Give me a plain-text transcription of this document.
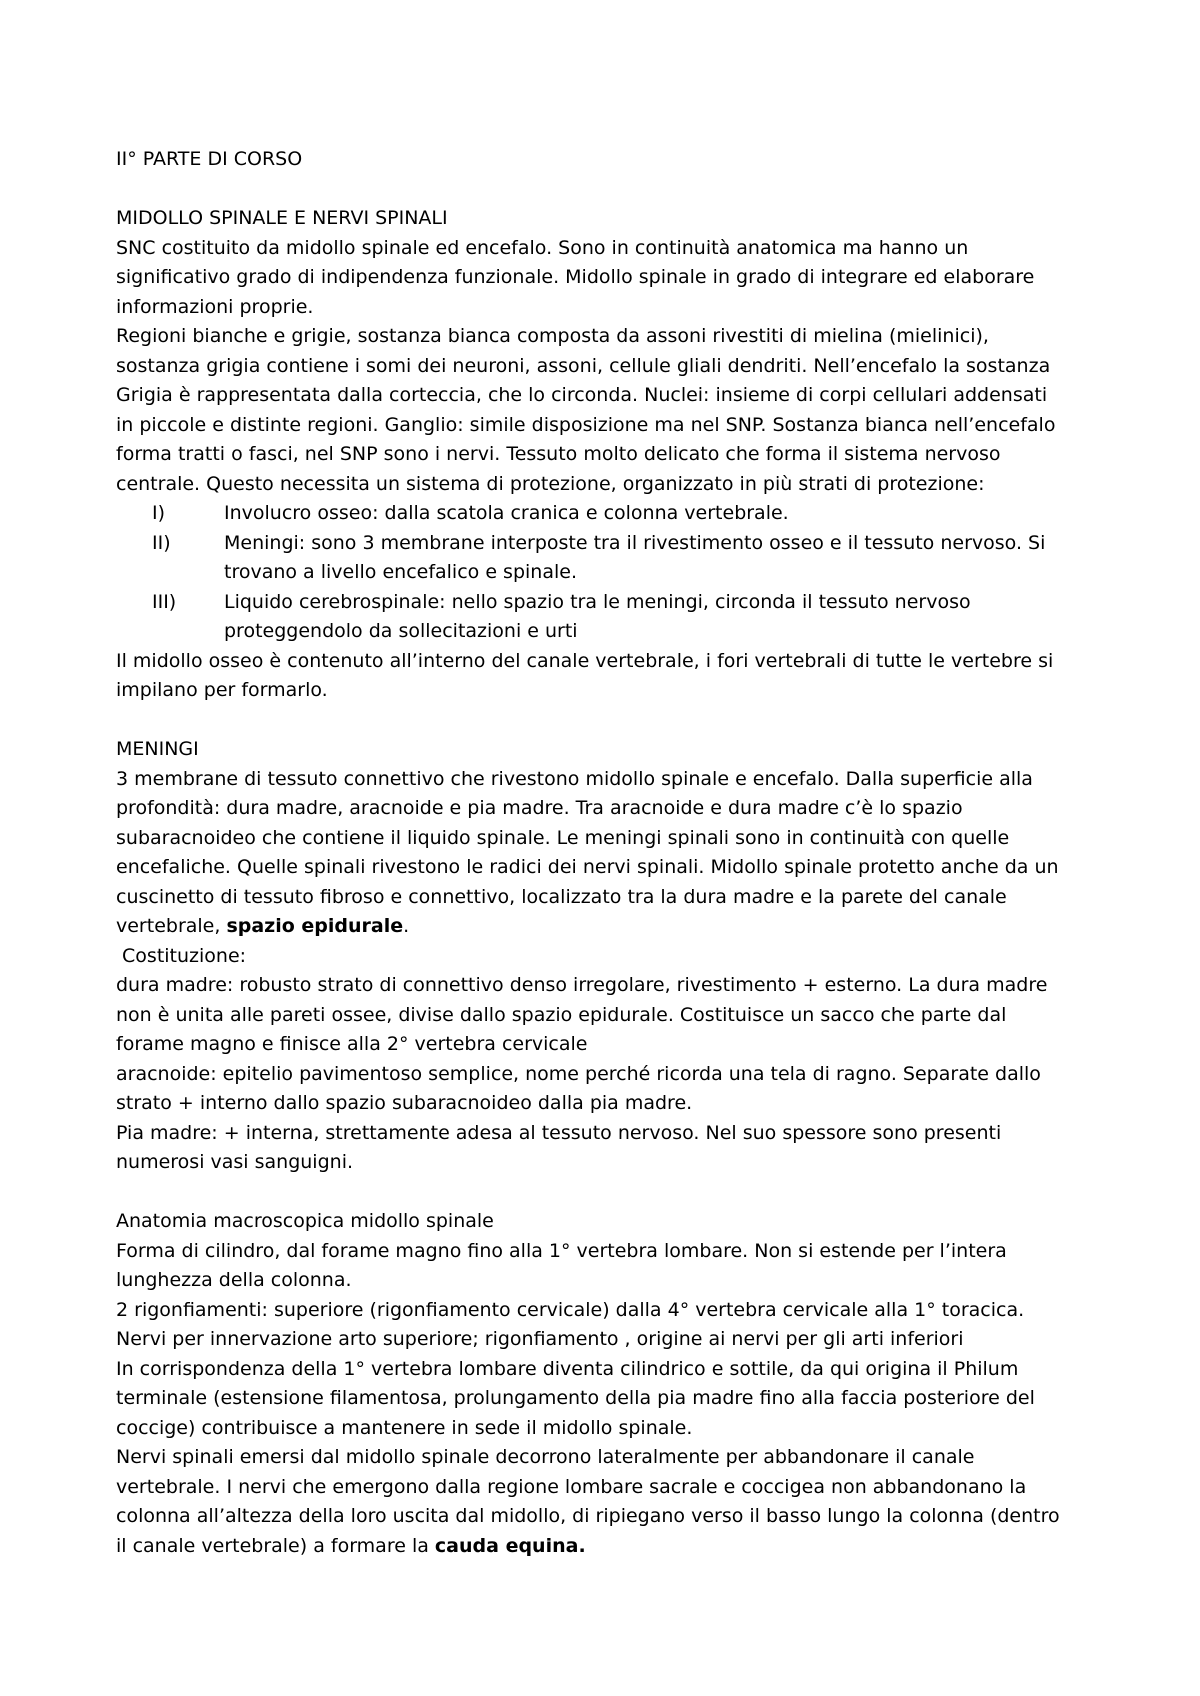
II° PARTE DI CORSO
MIDOLLO SPINALE E NERVI SPINALI
SNC costituito da midollo spinale ed encefalo. Sono in continuità anatomica ma hanno un
significativo grado di indipendenza funzionale. Midollo spinale in grado di integrare ed elaborare
informazioni proprie.
Regioni bianche e grigie, sostanza bianca composta da assoni rivestiti di mielina (mielinici),
sostanza grigia contiene i somi dei neuroni, assoni, cellule gliali dendriti. Nell’encefalo la sostanza
Grigia è rappresentata dalla corteccia, che lo circonda. Nuclei: insieme di corpi cellulari addensati
in piccole e distinte regioni. Ganglio: simile disposizione ma nel SNP. Sostanza bianca nell’encefalo
forma tratti o fasci, nel SNP sono i nervi. Tessuto molto delicato che forma il sistema nervoso
centrale. Questo necessita un sistema di protezione, organizzato in più strati di protezione:
I)	Involucro osseo: dalla scatola cranica e colonna vertebrale.
II)	Meningi: sono 3 membrane interposte tra il rivestimento osseo e il tessuto nervoso. Si
trovano a livello encefalico e spinale.
III)	Liquido cerebrospinale: nello spazio tra le meningi, circonda il tessuto nervoso
proteggendolo da sollecitazioni e urti
Il midollo osseo è contenuto all’interno del canale vertebrale, i fori vertebrali di tutte le vertebre si
impilano per formarlo.
MENINGI
3 membrane di tessuto connettivo che rivestono midollo spinale e encefalo. Dalla superficie alla
profondità: dura madre, aracnoide e pia madre. Tra aracnoide e dura madre c’è lo spazio
subaracnoideo che contiene il liquido spinale. Le meningi spinali sono in continuità con quelle
encefaliche. Quelle spinali rivestono le radici dei nervi spinali. Midollo spinale protetto anche da un
cuscinetto di tessuto fibroso e connettivo, localizzato tra la dura madre e la parete del canale
vertebrale, spazio epidurale.
Costituzione:
dura madre: robusto strato di connettivo denso irregolare, rivestimento + esterno. La dura madre
non è unita alle pareti ossee, divise dallo spazio epidurale. Costituisce un sacco che parte dal
forame magno e finisce alla 2° vertebra cervicale
aracnoide: epitelio pavimentoso semplice, nome perché ricorda una tela di ragno. Separate dallo
strato + interno dallo spazio subaracnoideo dalla pia madre.
Pia madre: + interna, strettamente adesa al tessuto nervoso. Nel suo spessore sono presenti
numerosi vasi sanguigni.
Anatomia macroscopica midollo spinale
Forma di cilindro, dal forame magno fino alla 1° vertebra lombare. Non si estende per l’intera
lunghezza della colonna.
2 rigonfiamenti: superiore (rigonfiamento cervicale) dalla 4° vertebra cervicale alla 1° toracica.
Nervi per innervazione arto superiore; rigonfiamento , origine ai nervi per gli arti inferiori
In corrispondenza della 1° vertebra lombare diventa cilindrico e sottile, da qui origina il Philum
terminale (estensione filamentosa, prolungamento della pia madre fino alla faccia posteriore del
coccige) contribuisce a mantenere in sede il midollo spinale.
Nervi spinali emersi dal midollo spinale decorrono lateralmente per abbandonare il canale
vertebrale. I nervi che emergono dalla regione lombare sacrale e coccigea non abbandonano la
colonna all’altezza della loro uscita dal midollo, di ripiegano verso il basso lungo la colonna (dentro
il canale vertebrale) a formare la cauda equina.
